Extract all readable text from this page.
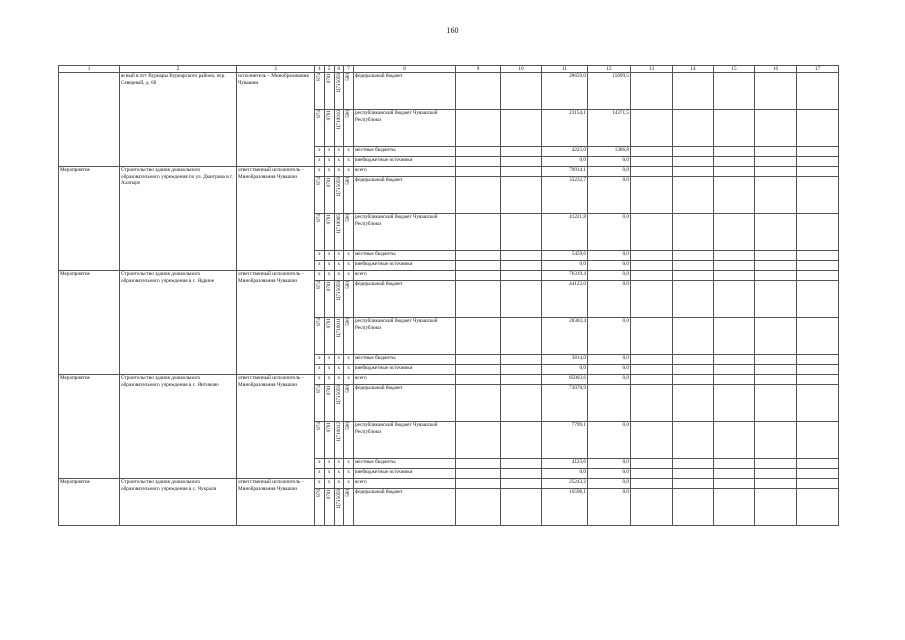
160
1	2	3	4	5	6	7	8	9	10	11	12	13	14	15	16	17
	ясный в пгт Вурнары Вурнарского районa, пер. Северный, д. 6б	исполнитель – Минобразования Чувашии	874	0701	Ц715059	500	федеральный бюджет			28659,0	15699,5					

			874	0701	Ц710010	500	республиканский бюджет Чувашской Республики			23154,1	14371,5					
			x	x	x	x	местные бюджеты			4225,0	1366,8					
			x	x	x	x	внебюджетные источники			0,0	0,0					
Мероприятие	Строительство здания дошкольного образовательного учреждения по ул. Дмитрова в г. Алатыре	ответственный исполнитель – Минобразования Чувашии	x	x	x	x	всего			79914,1	0,0					

			874	0701	Ц715059	500	федеральный бюджет			33232,7	0,0					

			874	0701	Ц710005	500	республиканский бюджет Чувашской Республики			41221,8	0,0					
			x	x	x	x	местные бюджеты			5459,6	0,0					
			x	x	x	x	внебюджетные источники			0,0	0,0					
Мероприятие	Строительство здания дошкольного образовательного учреждения в с. Ядрине	ответственный исполнитель – Минобразования Чувашии	x	x	x	x	всего			76319,4	0,0					

			874	0701	Ц715059	500	федеральный бюджет			44122,0	0,0					

			874	0701	Ц710011	500	республиканский бюджет Чувашской Республики			28383,4	0,0					
			x	x	x	x	местные бюджеты			3814,0	0,0					
			x	x	x	x	внебюджетные источники			0,0	0,0					
Мероприятие	Строительство здания дошкольного образовательного учреждения в с. Янтиково	ответственный исполнитель – Минобразования Чувашии	x	x	x	x	всего			85003,6	0,0					

			874	0701	Ц715059	500	федеральный бюджет			73078,9						

			874	0701	Ц710012	500	республиканский бюджет Чувашской Республики			7799,1	0,0					
			x	x	x	x	местные бюджеты			4125,6	0,0					
			x	x	x	x	внебюджетные источники			0,0	0,0					
Мероприятие	Строительство здания дошкольного образовательного учреждения в с. Чукраля	ответственный исполнитель – Минобразования Чувашии	x	x	x	x	всего			25243,2	0,0					

			876	0701	Ц715059	500	федеральный бюджет			16598,1	0,0					
